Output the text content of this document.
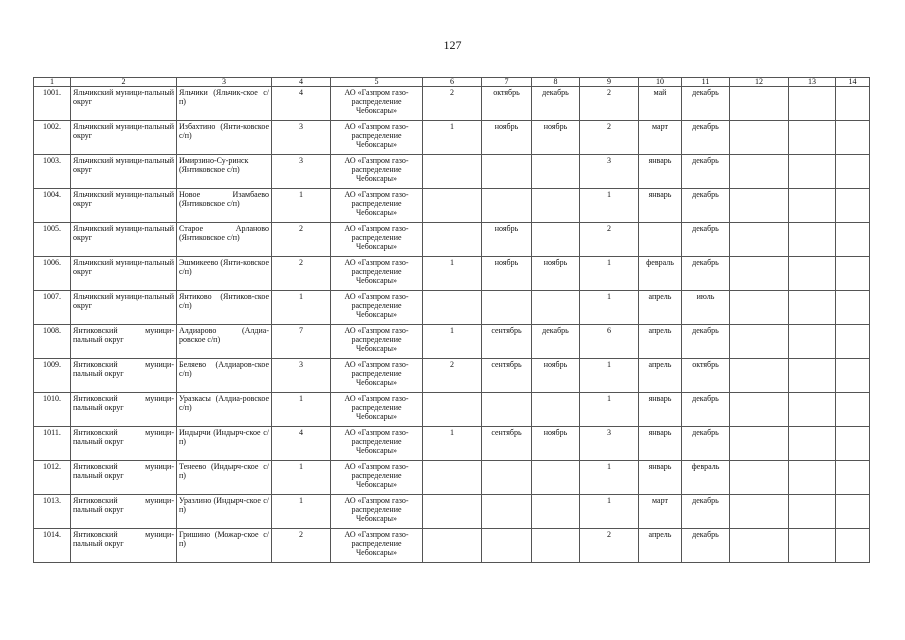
127
1	2	3	4	5	6	7	8	9	10	11	12	13	14
1001.	Яльчикский муници-пальный округ	Яльчики (Яльчик-ское с/п)	4	АО «Газпром газо-распределение Чебоксары»	2	октябрь	декабрь	2	май	декабрь			
1002.	Яльчикский муници-пальный округ	Избахтино (Янти-ковское с/п)	3	АО «Газпром газо-распределение Чебоксары»	1	ноябрь	ноябрь	2	март	декабрь			
1003.	Яльчикский муници-пальный округ	Имирзино-Су-ринск (Янтиковское с/п)	3	АО «Газпром газо-распределение Чебоксары»				3	январь	декабрь			
1004.	Яльчикский муници-пальный округ	Новое Изамбаево (Янтиковское с/п)	1	АО «Газпром газо-распределение Чебоксары»				1	январь	декабрь			
1005.	Яльчикский муници-пальный округ	Старое Арланово (Янтиковское с/п)	2	АО «Газпром газо-распределение Чебоксары»		ноябрь		2		декабрь			
1006.	Яльчикский муници-пальный округ	Эшмикеево (Янти-ковское с/п)	2	АО «Газпром газо-распределение Чебоксары»	1	ноябрь	ноябрь	1	февраль	декабрь			
1007.	Яльчикский муници-пальный округ	Янтиково (Янтиков-ское с/п)	1	АО «Газпром газо-распределение Чебоксары»				1	апрель	июль			
1008.	Янтиковский муници-пальный округ	Алдиарово (Алдиа-ровское с/п)	7	АО «Газпром газо-распределение Чебоксары»	1	сентябрь	декабрь	6	апрель	декабрь			
1009.	Янтиковский муници-пальный округ	Беляево (Алдиаров-ское с/п)	3	АО «Газпром газо-распределение Чебоксары»	2	сентябрь	ноябрь	1	апрель	октябрь			
1010.	Янтиковский муници-пальный округ	Уразкасы (Алдиа-ровское с/п)	1	АО «Газпром газо-распределение Чебоксары»				1	январь	декабрь			
1011.	Янтиковский муници-пальный округ	Индырчи (Индырч-ское с/п)	4	АО «Газпром газо-распределение Чебоксары»	1	сентябрь	ноябрь	3	январь	декабрь			
1012.	Янтиковский муници-пальный округ	Тенеево (Индырч-ское с/п)	1	АО «Газпром газо-распределение Чебоксары»				1	январь	февраль			
1013.	Янтиковский муници-пальный округ	Уразлино (Индырч-ское с/п)	1	АО «Газпром газо-распределение Чебоксары»				1	март	декабрь			
1014.	Янтиковский муници-пальный округ	Гришино (Можар-ское с/п)	2	АО «Газпром газо-распределение Чебоксары»				2	апрель	декабрь			
